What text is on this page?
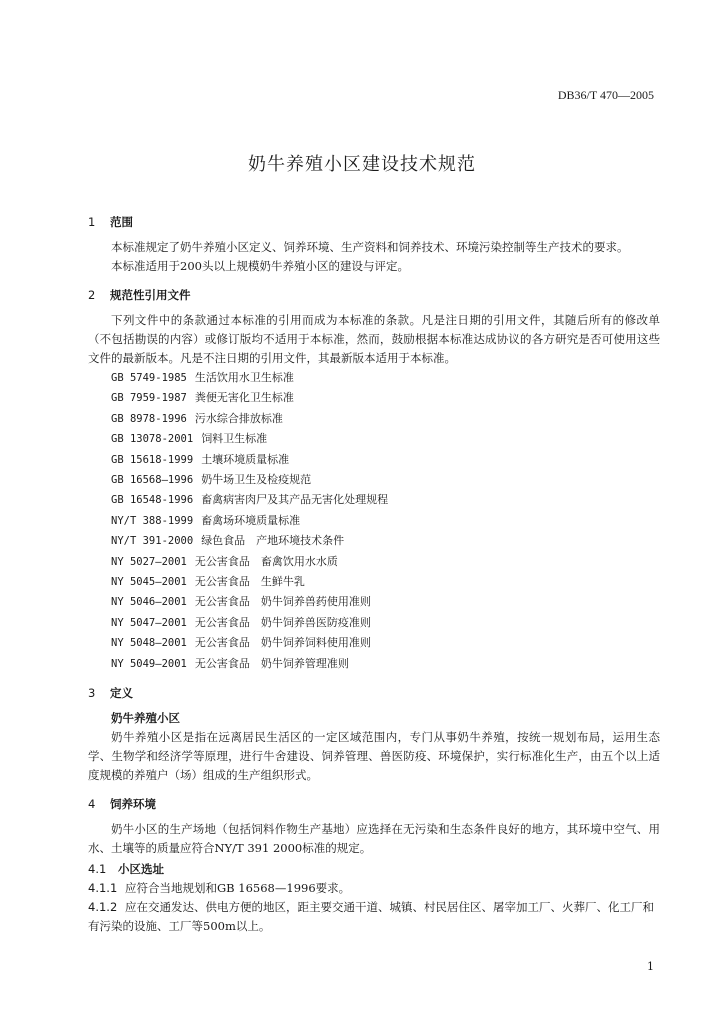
DB36/T 470—2005
奶牛养殖小区建设技术规范
1 范围

本标准规定了奶牛养殖小区定义、饲养环境、生产资料和饲养技术、环境污染控制等生产技术的要求。

本标准适用于200头以上规模奶牛养殖小区的建设与评定。

2 规范性引用文件

下列文件中的条款通过本标准的引用而成为本标准的条款。凡是注日期的引用文件，其随后所有的修改单（不包括勘误的内容）或修订版均不适用于本标准，然而，鼓励根据本标准达成协议的各方研究是否可使用这些文件的最新版本。凡是不注日期的引用文件，其最新版本适用于本标准。

GB 5749-1985 生活饮用水卫生标准
GB 7959-1987 粪便无害化卫生标准
GB 8978-1996 污水综合排放标准
GB 13078-2001 饲料卫生标准
GB 15618-1999 土壤环境质量标准
GB 16568—1996 奶牛场卫生及检疫规范
GB 16548-1996 畜禽病害肉尸及其产品无害化处理规程
NY/T 388-1999 畜禽场环境质量标准
NY/T 391-2000 绿色食品　产地环境技术条件
NY 5027—2001 无公害食品　畜禽饮用水水质
NY 5045—2001 无公害食品　生鲜牛乳
NY 5046—2001 无公害食品　奶牛饲养兽药使用准则
NY 5047—2001 无公害食品　奶牛饲养兽医防疫准则
NY 5048—2001 无公害食品　奶牛饲养饲料使用准则
NY 5049—2001 无公害食品　奶牛饲养管理准则
3 定义
奶牛养殖小区

奶牛养殖小区是指在远离居民生活区的一定区域范围内，专门从事奶牛养殖，按统一规划布局，运用生态学、生物学和经济学等原理，进行牛舍建设、饲养管理、兽医防疫、环境保护，实行标准化生产，由五个以上适度规模的养殖户（场）组成的生产组织形式。

4 饲养环境

奶牛小区的生产场地（包括饲料作物生产基地）应选择在无污染和生态条件良好的地方，其环境中空气、用水、土壤等的质量应符合NY/T 391 2000标准的规定。

4.1 小区选址

4.1.1 应符合当地规划和GB 16568—1996要求。

4.1.2 应在交通发达、供电方便的地区，距主要交通干道、城镇、村民居住区、屠宰加工厂、火葬厂、化工厂和有污染的设施、工厂等500m以上。

1
